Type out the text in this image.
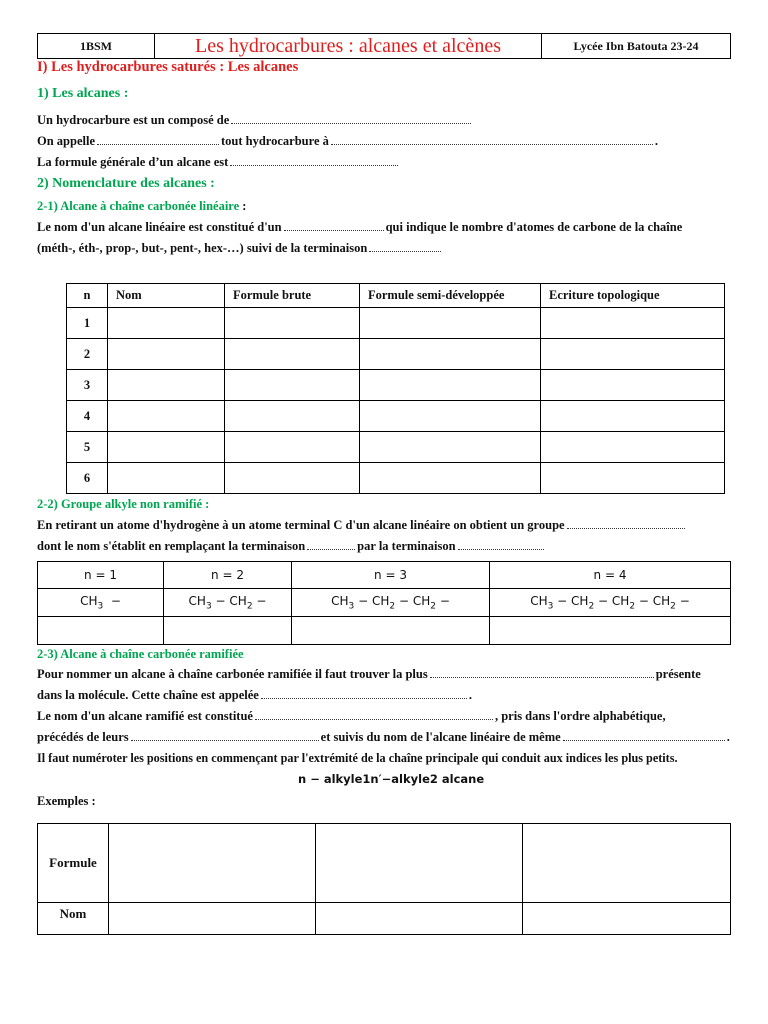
1BSM	Les hydrocarbures : alcanes et alcènes	Lycée Ibn Batouta 23-24
I) Les hydrocarbures saturés : Les alcanes
1) Les alcanes :
Un hydrocarbure est un composé de
On appelle	tout hydrocarbure à	.
La formule générale d’un alcane est
2) Nomenclature des alcanes :
2-1) Alcane à chaîne carbonée linéaire :
Le nom d'un alcane linéaire est constitué d'un	qui indique le nombre d'atomes de carbone de la chaîne
(méth-, éth-, prop-, but-, pent-, hex-…) suivi de la terminaison
n	Nom	Formule brute	Formule semi-développée	Ecriture topologique
1				
2				
3				
4				
5				
6				
2-2) Groupe alkyle non ramifié :
En retirant un atome d'hydrogène à un atome terminal C d'un alcane linéaire on obtient un groupe
dont le nom s'établit en remplaçant la terminaison	par la terminaison
n = 1	n = 2	n = 3	n = 4
$CH_3$ −	$CH_3 - CH_2$ −	$CH_3 - CH_2 - CH_2$ −	$CH_3 - CH_2 - CH_2 - CH_2$ −

2-3) Alcane à chaîne carbonée ramifiée
Pour nommer un alcane à chaîne carbonée ramifiée il faut trouver la plus	présente
dans la molécule. Cette chaîne est appelée	.
Le nom d'un alcane ramifié est constitué	, pris dans l'ordre alphabétique,
précédés de leurs	et suivis du nom de l'alcane linéaire de même	.
Il faut numéroter les positions en commençant par l'extrémité de la chaîne principale qui conduit aux indices les plus petits.
n − alkyle1n′−alkyle2 alcane
Exemples :
Formule			
Nom			
